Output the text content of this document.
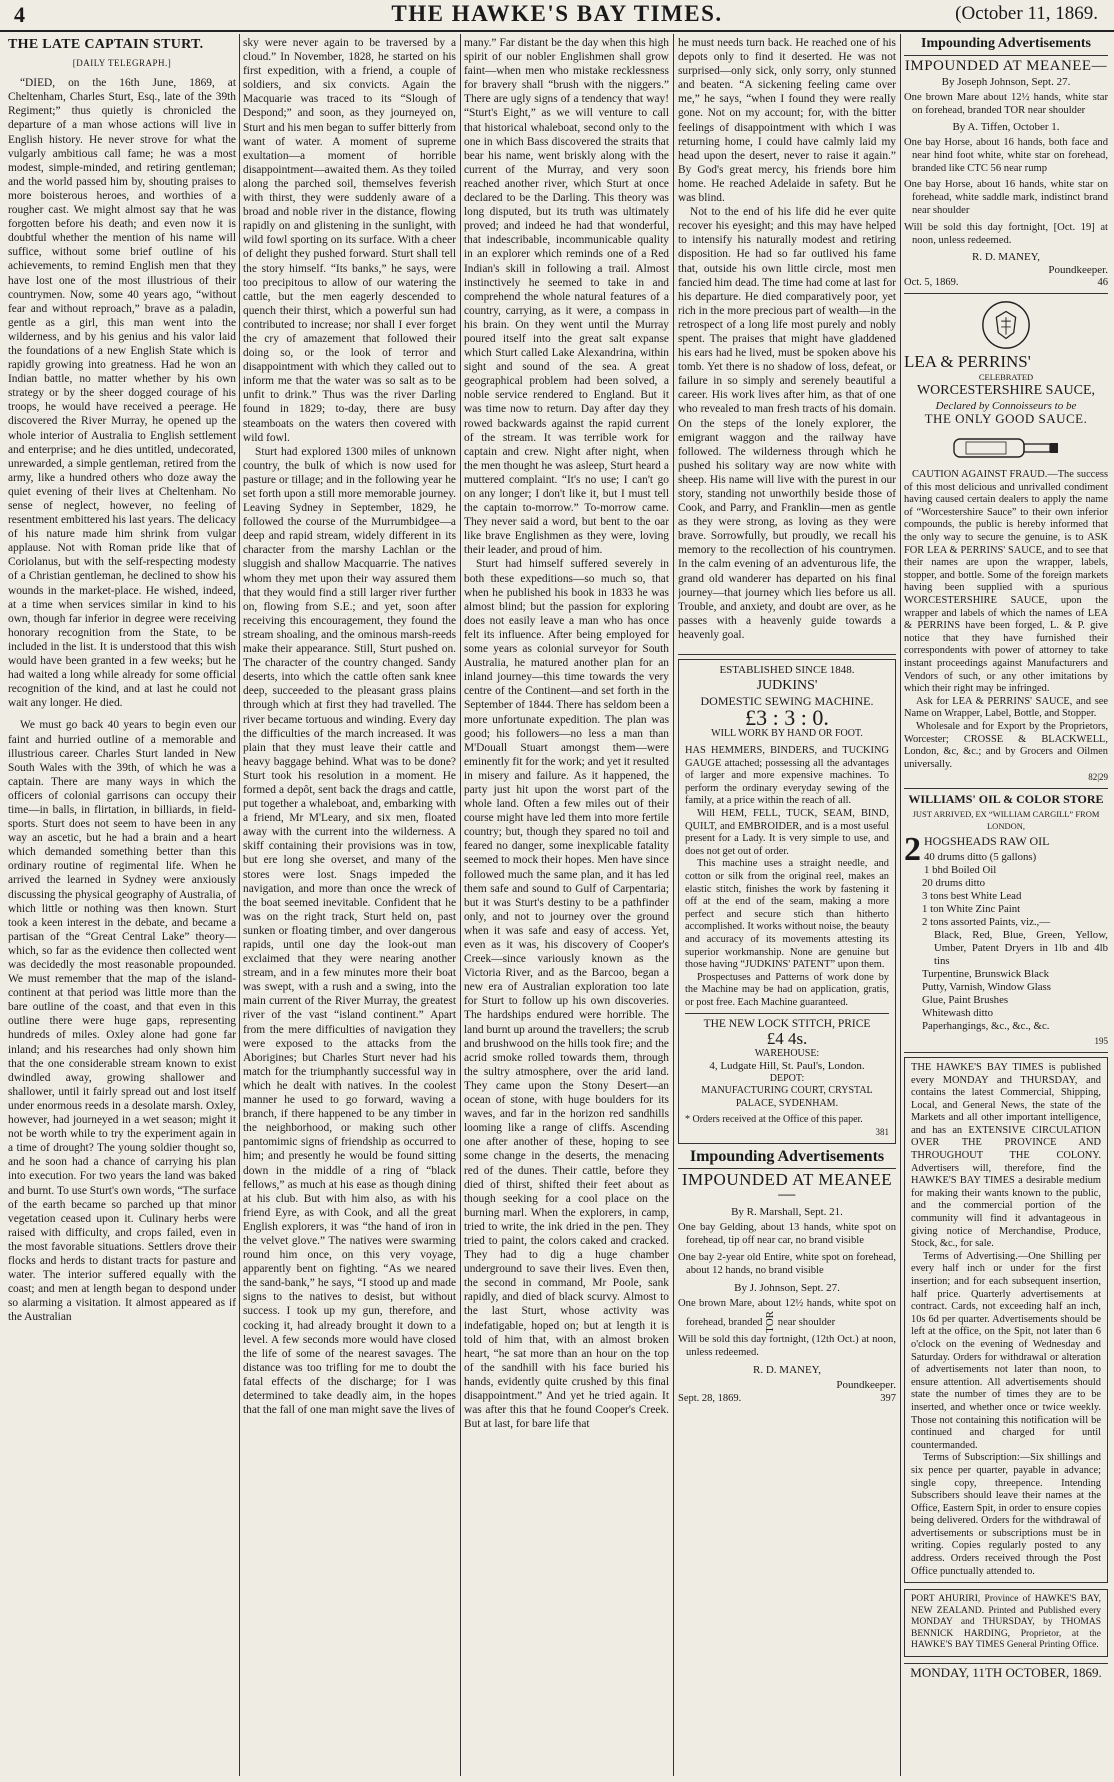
4	THE HAWKE'S BAY TIMES.	(October 11, 1869.
THE LATE CAPTAIN STURT.
[DAILY TELEGRAPH.]

“DIED, on the 16th June, 1869, at Cheltenham, Charles Sturt, Esq., late of the 39th Regiment;” thus quietly is chronicled the departure of a man whose actions will live in English history. He never strove for what the vulgarly ambitious call fame; he was a most modest, simple-minded, and retiring gentleman; and the world passed him by, shouting praises to more boisterous heroes, and worthies of a rougher cast. We might almost say that he was forgotten before his death; and even now it is doubtful whether the mention of his name will suffice, without some brief outline of his achievements, to remind English men that they have lost one of the most illustrious of their countrymen. Now, some 40 years ago, “without fear and without reproach,” brave as a paladin, gentle as a girl, this man went into the wilderness, and by his genius and his valor laid the foundations of a new English State which is rapidly growing into greatness. Had he won an Indian battle, no matter whether by his own strategy or by the sheer dogged courage of his troops, he would have received a peerage. He discovered the River Murray, he opened up the whole interior of Australia to English settlement and enterprise; and he dies untitled, undecorated, unrewarded, a simple gentleman, retired from the army, like a hundred others who doze away the quiet evening of their lives at Cheltenham. No sense of neglect, however, no feeling of resentment embittered his last years. The delicacy of his nature made him shrink from vulgar applause. Not with Roman pride like that of Coriolanus, but with the self-respecting modesty of a Christian gentleman, he declined to show his wounds in the market-place. He wished, indeed, at a time when services similar in kind to his own, though far inferior in degree were receiving honorary recognition from the State, to be included in the list. It is understood that this wish would have been granted in a few weeks; but he had waited a long while already for some official recognition of the kind, and at last he could not wait any longer. He died.

We must go back 40 years to begin even our faint and hurried outline of a memorable and illustrious career. Charles Sturt landed in New South Wales with the 39th, of which he was a captain. There are many ways in which the officers of colonial garrisons can occupy their time—in balls, in flirtation, in billiards, in field-sports. Sturt does not seem to have been in any way an ascetic, but he had a brain and a heart which demanded something better than this ordinary routine of regimental life. When he arrived the learned in Sydney were anxiously discussing the physical geography of Australia, of which little or nothing was then known. Sturt took a keen interest in the debate, and became a partisan of the “Great Central Lake” theory—which, so far as the evidence then collected went was decidedly the most reasonable propounded. We must remember that the map of the island-continent at that period was little more than the bare outline of the coast, and that even in this outline there were huge gaps, representing hundreds of miles. Oxley alone had gone far inland; and his researches had only shown him that the one considerable stream known to exist dwindled away, growing shallower and shallower, until it fairly spread out and lost itself under enormous reeds in a desolate marsh. Oxley, however, had journeyed in a wet season; might it not be worth while to try the experiment again in a time of drought? The young soldier thought so, and he soon had a chance of carrying his plan into execution. For two years the land was baked and burnt. To use Sturt's own words, “The surface of the earth became so parched up that minor vegetation ceased upon it. Culinary herbs were raised with difficulty, and crops failed, even in the most favorable situations. Settlers drove their flocks and herds to distant tracts for pasture and water. The interior suffered equally with the coast; and men at length began to despond under so alarming a visitation. It almost appeared as if the Australian

sky were never again to be traversed by a cloud.” In November, 1828, he started on his first expedition, with a friend, a couple of soldiers, and six convicts. Again the Macquarie was traced to its “Slough of Despond;” and soon, as they journeyed on, Sturt and his men began to suffer bitterly from want of water. A moment of supreme exultation—a moment of horrible disappointment—awaited them. As they toiled along the parched soil, themselves feverish with thirst, they were suddenly aware of a broad and noble river in the distance, flowing rapidly on and glistening in the sunlight, with wild fowl sporting on its surface. With a cheer of delight they pushed forward. Sturt shall tell the story himself. “Its banks,” he says, were too precipitous to allow of our watering the cattle, but the men eagerly descended to quench their thirst, which a powerful sun had contributed to increase; nor shall I ever forget the cry of amazement that followed their doing so, or the look of terror and disappointment with which they called out to inform me that the water was so salt as to be unfit to drink.” Thus was the river Darling found in 1829; to-day, there are busy steamboats on the waters then covered with wild fowl.

Sturt had explored 1300 miles of unknown country, the bulk of which is now used for pasture or tillage; and in the following year he set forth upon a still more memorable journey. Leaving Sydney in September, 1829, he followed the course of the Murrumbidgee—a deep and rapid stream, widely different in its character from the marshy Lachlan or the sluggish and shallow Macquarrie. The natives whom they met upon their way assured them that they would find a still larger river further on, flowing from S.E.; and yet, soon after receiving this encouragement, they found the stream shoaling, and the ominous marsh-reeds make their appearance. Still, Sturt pushed on. The character of the country changed. Sandy deserts, into which the cattle often sank knee deep, succeeded to the pleasant grass plains through which at first they had travelled. The river became tortuous and winding. Every day the difficulties of the march increased. It was plain that they must leave their cattle and heavy baggage behind. What was to be done? Sturt took his resolution in a moment. He formed a depôt, sent back the drags and cattle, put together a whaleboat, and, embarking with a friend, Mr M'Leary, and six men, floated away with the current into the wilderness. A skiff containing their provisions was in tow, but ere long she overset, and many of the stores were lost. Snags impeded the navigation, and more than once the wreck of the boat seemed inevitable. Confident that he was on the right track, Sturt held on, past sunken or floating timber, and over dangerous rapids, until one day the look-out man exclaimed that they were nearing another stream, and in a few minutes more their boat was swept, with a rush and a swing, into the main current of the River Murray, the greatest river of the vast “island continent.” Apart from the mere difficulties of navigation they were exposed to the attacks from the Aborigines; but Charles Sturt never had his match for the triumphantly successful way in which he dealt with natives. In the coolest manner he used to go forward, waving a branch, if there happened to be any timber in the neighborhood, or making such other pantomimic signs of friendship as occurred to him; and presently he would be found sitting down in the middle of a ring of “black fellows,” as much at his ease as though dining at his club. But with him also, as with his friend Eyre, as with Cook, and all the great English explorers, it was “the hand of iron in the velvet glove.” The natives were swarming round him once, on this very voyage, apparently bent on fighting. “As we neared the sand-bank,” he says, “I stood up and made signs to the natives to desist, but without success. I took up my gun, therefore, and cocking it, had already brought it down to a level. A few seconds more would have closed the life of some of the nearest savages. The distance was too trifling for me to doubt the fatal effects of the discharge; for I was determined to take deadly aim, in the hopes that the fall of one man might save the lives of

many.” Far distant be the day when this high spirit of our nobler Englishmen shall grow faint—when men who mistake recklessness for bravery shall “brush with the niggers.” There are ugly signs of a tendency that way! “Sturt's Eight,” as we will venture to call that historical whaleboat, second only to the one in which Bass discovered the straits that bear his name, went briskly along with the current of the Murray, and very soon reached another river, which Sturt at once declared to be the Darling. This theory was long disputed, but its truth was ultimately proved; and indeed he had that wonderful, that indescribable, incommunicable quality in an explorer which reminds one of a Red Indian's skill in following a trail. Almost instinctively he seemed to take in and comprehend the whole natural features of a country, carrying, as it were, a compass in his brain. On they went until the Murray poured itself into the great salt expanse which Sturt called Lake Alexandrina, within sight and sound of the sea. A great geographical problem had been solved, a noble service rendered to England. But it was time now to return. Day after day they rowed backwards against the rapid current of the stream. It was terrible work for captain and crew. Night after night, when the men thought he was asleep, Sturt heard a muttered complaint. “It's no use; I can't go on any longer; I don't like it, but I must tell the captain to-morrow.” To-morrow came. They never said a word, but bent to the oar like brave Englishmen as they were, loving their leader, and proud of him.

Sturt had himself suffered severely in both these expeditions—so much so, that when he published his book in 1833 he was almost blind; but the passion for exploring does not easily leave a man who has once felt its influence. After being employed for some years as colonial surveyor for South Australia, he matured another plan for an inland journey—this time towards the very centre of the Continent—and set forth in the September of 1844. There has seldom been a more unfortunate expedition. The plan was good; his followers—no less a man than M'Douall Stuart amongst them—were eminently fit for the work; and yet it resulted in misery and failure. As it happened, the party just hit upon the worst part of the whole land. Often a few miles out of their course might have led them into more fertile country; but, though they spared no toil and feared no danger, some inexplicable fatality seemed to mock their hopes. Men have since followed much the same plan, and it has led them safe and sound to Gulf of Carpentaria; but it was Sturt's destiny to be a pathfinder only, and not to journey over the ground when it was safe and easy of access. Yet, even as it was, his discovery of Cooper's Creek—since variously known as the Victoria River, and as the Barcoo, began a new era of Australian exploration too late for Sturt to follow up his own discoveries. The hardships endured were horrible. The land burnt up around the travellers; the scrub and brushwood on the hills took fire; and the acrid smoke rolled towards them, through the sultry atmosphere, over the arid land. They came upon the Stony Desert—an ocean of stone, with huge boulders for its waves, and far in the horizon red sandhills looming like a range of cliffs. Ascending one after another of these, hoping to see some change in the deserts, the menacing red of the dunes. Their cattle, before they died of thirst, shifted their feet about as though seeking for a cool place on the burning marl. When the explorers, in camp, tried to write, the ink dried in the pen. They tried to paint, the colors caked and cracked. They had to dig a huge chamber underground to save their lives. Even then, the second in command, Mr Poole, sank rapidly, and died of black scurvy. Almost to the last Sturt, whose activity was indefatigable, hoped on; but at length it is told of him that, with an almost broken heart, “he sat more than an hour on the top of the sandhill with his face buried his hands, evidently quite crushed by this final disappointment.” And yet he tried again. It was after this that he found Cooper's Creek. But at last, for bare life that

he must needs turn back. He reached one of his depots only to find it deserted. He was not surprised—only sick, only sorry, only stunned and beaten. “A sickening feeling came over me,” he says, “when I found they were really gone. Not on my account; for, with the bitter feelings of disappointment with which I was returning home, I could have calmly laid my head upon the desert, never to raise it again.” By God's great mercy, his friends bore him home. He reached Adelaide in safety. But he was blind.

Not to the end of his life did he ever quite recover his eyesight; and this may have helped to intensify his naturally modest and retiring disposition. He had so far outlived his fame that, outside his own little circle, most men fancied him dead. The time had come at last for his departure. He died comparatively poor, yet rich in the more precious part of wealth—in the retrospect of a long life most purely and nobly spent. The praises that might have gladdened his ears had he lived, must be spoken above his tomb. Yet there is no shadow of loss, defeat, or failure in so simply and serenely beautiful a career. His work lives after him, as that of one who revealed to man fresh tracts of his domain. On the steps of the lonely explorer, the emigrant waggon and the railway have followed. The wilderness through which he pushed his solitary way are now white with sheep. His name will live with the purest in our story, standing not unworthily beside those of Cook, and Parry, and Franklin—men as gentle as they were strong, as loving as they were brave. Sorrowfully, but proudly, we recall his memory to the recollection of his countrymen. In the calm evening of an adventurous life, the grand old wanderer has departed on his final journey—that journey which lies before us all. Trouble, and anxiety, and doubt are over, as he passes with a heavenly guide towards a heavenly goal.

ESTABLISHED SINCE 1848.
JUDKINS'
DOMESTIC SEWING MACHINE.
£3 : 3 : 0.
WILL WORK BY HAND OR FOOT.

HAS HEMMERS, BINDERS, and TUCKING GAUGE attached; possessing all the advantages of larger and more expensive machines. To perform the ordinary everyday sewing of the family, at a price within the reach of all.

Will HEM, FELL, TUCK, SEAM, BIND, QUILT, and EMBROIDER, and is a most useful present for a Lady. It is very simple to use, and does not get out of order.

This machine uses a straight needle, and cotton or silk from the original reel, makes an elastic stitch, finishes the work by fastening it off at the end of the seam, making a more perfect and secure stich than hitherto accomplished. It works without noise, the beauty and accuracy of its movements attesting its superior workmanship. None are genuine but those having “JUDKINS' PATENT” upon them.

Prospectuses and Patterns of work done by the Machine may be had on application, gratis, or post free. Each Machine guaranteed.

THE NEW LOCK STITCH, PRICE
£4 4s.
WAREHOUSE:
4, Ludgate Hill, St. Paul's, London.
DEPOT:
MANUFACTURING COURT, CRYSTAL PALACE, SYDENHAM.
* Orders received at the Office of this paper.
381
Impounding Advertisements
IMPOUNDED AT MEANEE—
By R. Marshall, Sept. 21.
One bay Gelding, about 13 hands, white spot on forehead, tip off near car, no brand visible
One bay 2-year old Entire, white spot on forehead, about 12 hands, no brand visible
By J. Johnson, Sept. 27.
One brown Mare, about 12½ hands, white spot on forehead, branded TOR near shoulder
Will be sold this day fortnight, (12th Oct.) at noon, unless redeemed.
R. D. MANEY,
Poundkeeper.
Sept. 28, 1869.	397
Impounding Advertisements
IMPOUNDED AT MEANEE—
By Joseph Johnson, Sept. 27.
One brown Mare about 12½ hands, white star on forehead, branded TOR near shoulder
By A. Tiffen, October 1.
One bay Horse, about 16 hands, both face and near hind foot white, white star on forehead, branded like CTC 56 near rump
One bay Horse, about 16 hands, white star on forehead, white saddle mark, indistinct brand near shoulder
Will be sold this day fortnight, [Oct. 19] at noon, unless redeemed.
R. D. MANEY,
Poundkeeper.
Oct. 5, 1869.	46
LEA & PERRINS'
CELEBRATED
WORCESTERSHIRE SAUCE,
Declared by Connoisseurs to be
THE ONLY GOOD SAUCE.

CAUTION AGAINST FRAUD.—The success of this most delicious and unrivalled condiment having caused certain dealers to apply the name of “Worcestershire Sauce” to their own inferior compounds, the public is hereby informed that the only way to secure the genuine, is to ASK FOR LEA & PERRINS' SAUCE, and to see that their names are upon the wrapper, labels, stopper, and bottle. Some of the foreign markets having been supplied with a spurious WORCESTERSHIRE SAUCE, upon the wrapper and labels of which the names of LEA & PERRINS have been forged, L. & P. give notice that they have furnished their correspondents with power of attorney to take instant proceedings against Manufacturers and Vendors of such, or any other imitations by which their right may be infringed.

Ask for LEA & PERRINS' SAUCE, and see Name on Wrapper, Label, Bottle, and Stopper.

Wholesale and for Export by the Proprietors, Worcester; CROSSE & BLACKWELL, London, &c, &c.; and by Grocers and Oilmen universally.

82|29
WILLIAMS' OIL & COLOR STORE
JUST ARRIVED, EX “WILLIAM CARGILL” FROM LONDON,
2 HOGSHEADS RAW OIL
40 drums ditto (5 gallons)
1 bhd Boiled Oil
20 drums ditto
3 tons best White Lead
1 ton White Zinc Paint
2 tons assorted Paints, viz.,—
Black, Red, Blue, Green, Yellow, Umber, Patent Dryers in 1lb and 4lb tins
Turpentine, Brunswick Black
Putty, Varnish, Window Glass
Glue, Paint Brushes
Whitewash ditto
Paperhangings, &c., &c., &c.
195

THE HAWKE'S BAY TIMES is published every MONDAY and THURSDAY, and contains the latest Commercial, Shipping, Local, and General News, the state of the Markets and all other important intelligence, and has an EXTENSIVE CIRCULATION OVER THE PROVINCE AND THROUGHOUT THE COLONY. Advertisers will, therefore, find the HAWKE'S BAY TIMES a desirable medium for making their wants known to the public, and the commercial portion of the community will find it advantageous in giving notice of Merchandise, Produce, Stock, &c., for sale.

Terms of Advertising.—One Shilling per every half inch or under for the first insertion; and for each subsequent insertion, half price. Quarterly advertisements at contract. Cards, not exceeding half an inch, 10s 6d per quarter. Advertisements should be left at the office, on the Spit, not later than 6 o'clock on the evening of Wednesday and Saturday. Orders for withdrawal or alteration of advertisements not later than noon, to ensure attention. All advertisements should state the number of times they are to be inserted, and whether once or twice weekly. Those not containing this notification will be continued and charged for until countermanded.

Terms of Subscription:—Six shillings and six pence per quarter, payable in advance; single copy, threepence. Intending Subscribers should leave their names at the Office, Eastern Spit, in order to ensure copies being delivered. Orders for the withdrawal of advertisements or subscriptions must be in writing. Copies regularly posted to any address. Orders received through the Post Office punctually attended to.

PORT AHURIRI, Province of HAWKE'S BAY, NEW ZEALAND. Printed and Published every MONDAY and THURSDAY, by THOMAS BENNICK HARDING, Proprietor, at the HAWKE'S BAY TIMES General Printing Office.
MONDAY, 11TH OCTOBER, 1869.
